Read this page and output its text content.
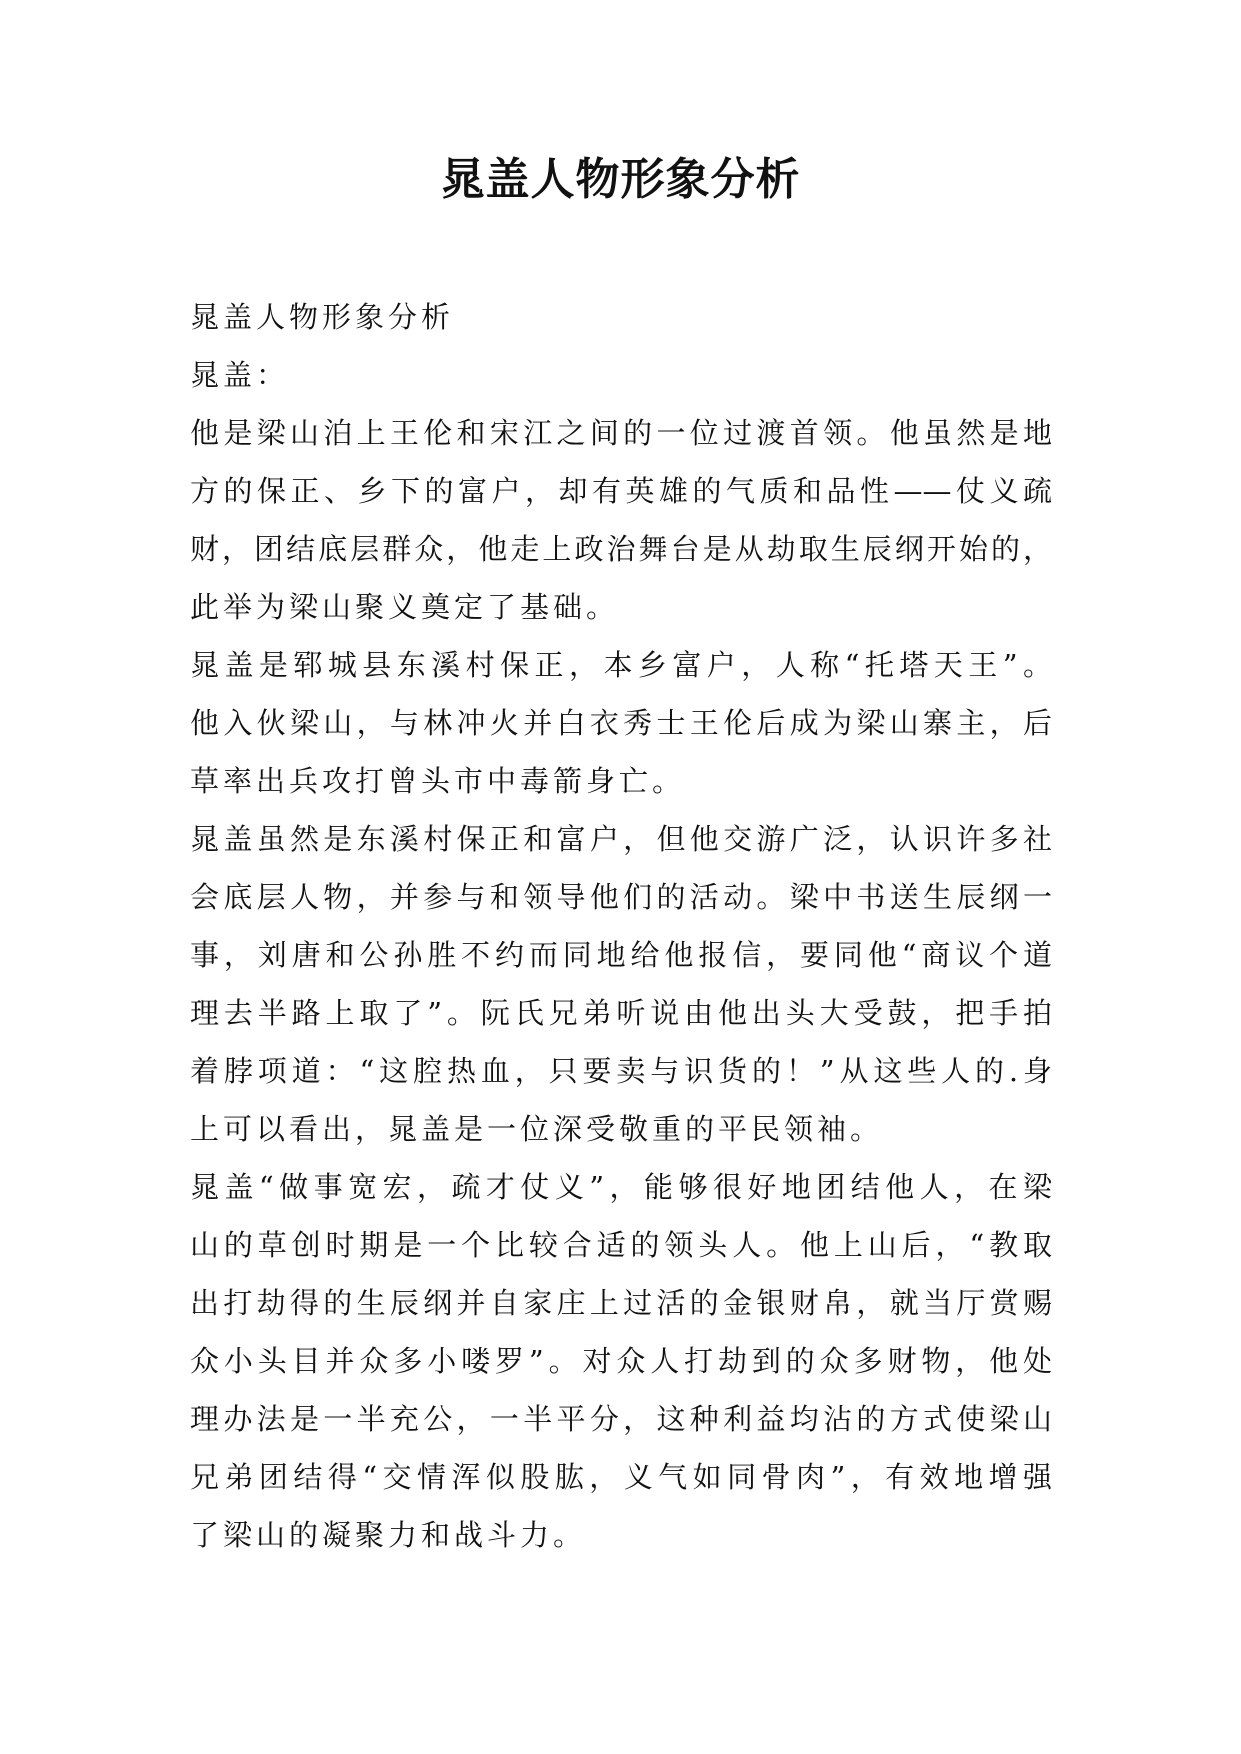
晁盖人物形象分析
晁盖人物形象分析
晁盖：
他是梁山泊上王伦和宋江之间的一位过渡首领。他虽然是地
方的保正、乡下的富户，却有英雄的气质和品性——仗义疏
财，团结底层群众，他走上政治舞台是从劫取生辰纲开始的，
此举为梁山聚义奠定了基础。
晁盖是郓城县东溪村保正，本乡富户，人称“托塔天王”。
他入伙梁山，与林冲火并白衣秀士王伦后成为梁山寨主，后
草率出兵攻打曾头市中毒箭身亡。
晁盖虽然是东溪村保正和富户，但他交游广泛，认识许多社
会底层人物，并参与和领导他们的活动。梁中书送生辰纲一
事，刘唐和公孙胜不约而同地给他报信，要同他“商议个道
理去半路上取了”。阮氏兄弟听说由他出头大受鼓，把手拍
着脖项道：“这腔热血，只要卖与识货的！”从这些人的.身
上可以看出，晁盖是一位深受敬重的平民领袖。
晁盖“做事宽宏，疏才仗义”，能够很好地团结他人，在梁
山的草创时期是一个比较合适的领头人。他上山后，“教取
出打劫得的生辰纲并自家庄上过活的金银财帛，就当厅赏赐
众小头目并众多小喽罗”。对众人打劫到的众多财物，他处
理办法是一半充公，一半平分，这种利益均沾的方式使梁山
兄弟团结得“交情浑似股肱，义气如同骨肉”，有效地增强
了梁山的凝聚力和战斗力。
